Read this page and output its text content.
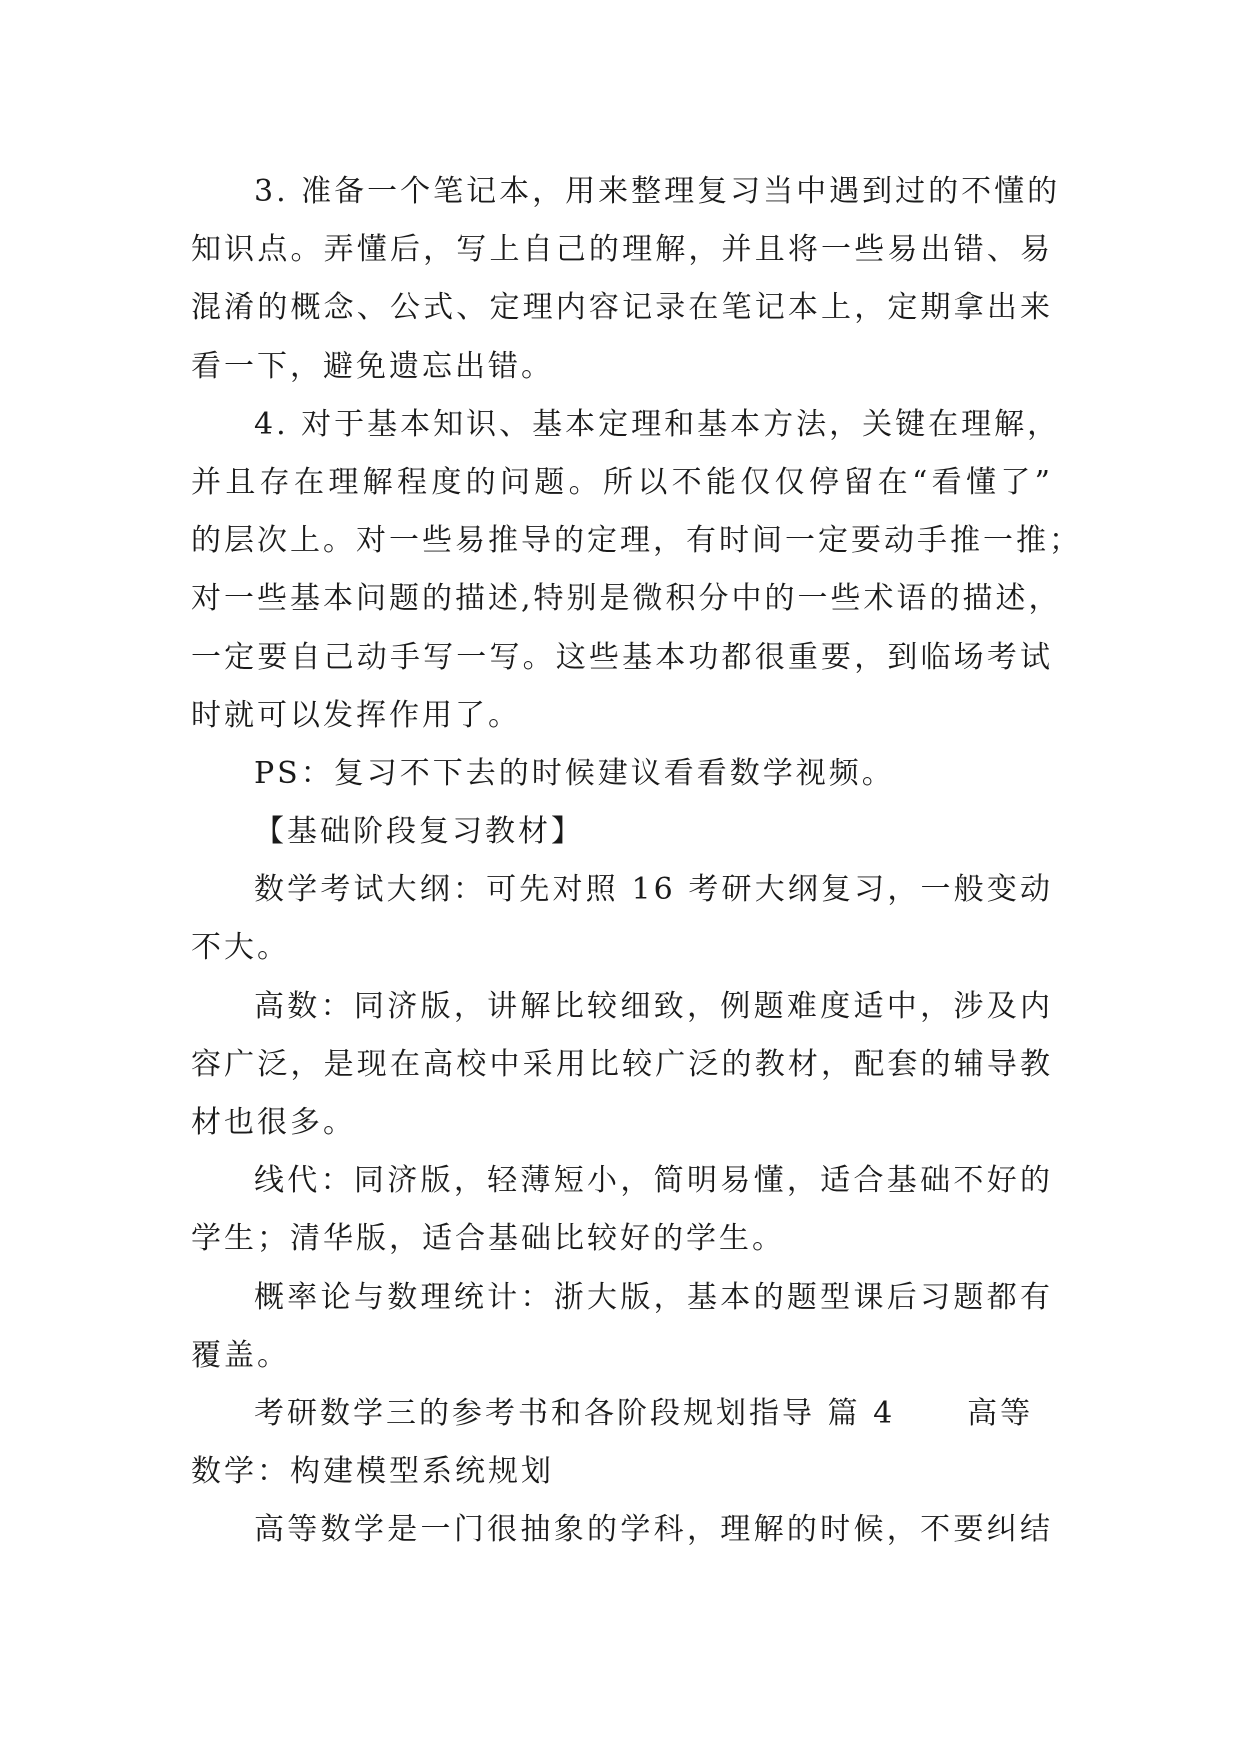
3. 准备一个笔记本，用来整理复习当中遇到过的不懂的
知识点。弄懂后，写上自己的理解，并且将一些易出错、易
混淆的概念、公式、定理内容记录在笔记本上，定期拿出来
看一下，避免遗忘出错。
4. 对于基本知识、基本定理和基本方法，关键在理解，
并且存在理解程度的问题。所以不能仅仅停留在“看懂了”
的层次上。对一些易推导的定理，有时间一定要动手推一推；
对一些基本问题的描述,特别是微积分中的一些术语的描述，
一定要自己动手写一写。这些基本功都很重要，到临场考试
时就可以发挥作用了。
PS：复习不下去的时候建议看看数学视频。
【基础阶段复习教材】
数学考试大纲：可先对照 16 考研大纲复习，一般变动
不大。
高数：同济版，讲解比较细致，例题难度适中，涉及内
容广泛，是现在高校中采用比较广泛的教材，配套的辅导教
材也很多。
线代：同济版，轻薄短小，简明易懂，适合基础不好的
学生；清华版，适合基础比较好的学生。
概率论与数理统计：浙大版，基本的题型课后习题都有
覆盖。
考研数学三的参考书和各阶段规划指导 篇 4 高等
数学：构建模型系统规划
高等数学是一门很抽象的学科，理解的时候，不要纠结
